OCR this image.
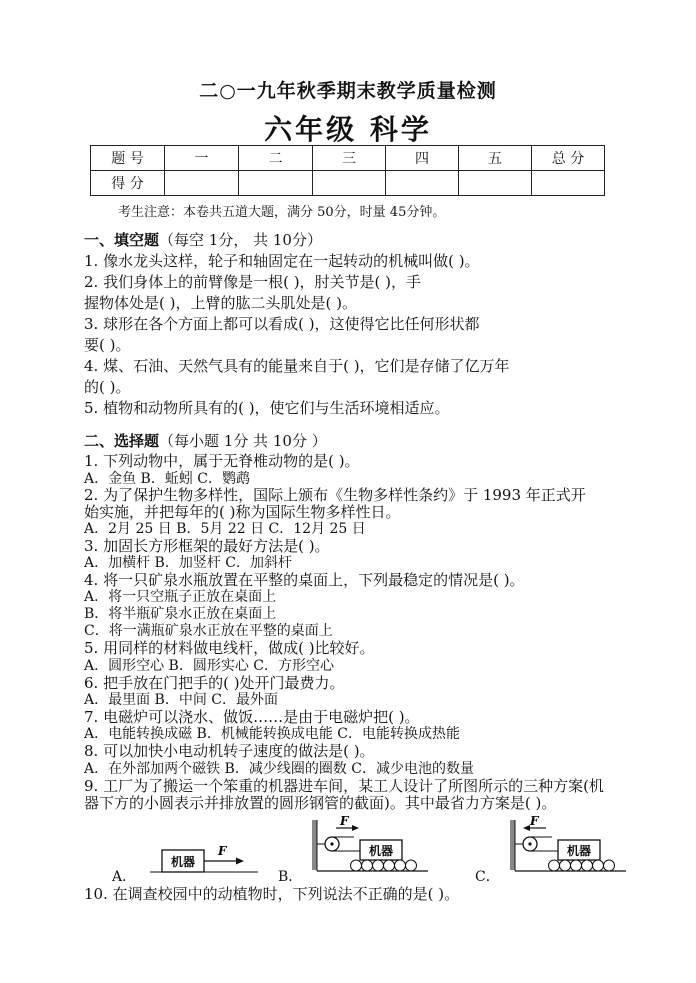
二○一九年秋季期末教学质量检测
六年级 科学
题 号	一	二	三	四	五	总 分
得 分						
考生注意：本卷共五道大题，满分 50分，时量 45分钟。
一、填空题（每空 1分， 共 10分）
1. 像水龙头这样，轮子和轴固定在一起转动的机械叫做( )。
2. 我们身体上的前臂像是一根( )，肘关节是( )，手
握物体处是( )，上臂的肱二头肌处是( )。
3. 球形在各个方面上都可以看成( )，这使得它比任何形状都
要( )。
4. 煤、石油、天然气具有的能量来自于( )，它们是存储了亿万年
的( )。
5. 植物和动物所具有的( )，使它们与生活环境相适应。
二、选择题（每小题 1分 共 10分 ）
1. 下列动物中，属于无脊椎动物的是( )。
A．金鱼 B．蚯蚓 C．鹦鹉
2. 为了保护生物多样性，国际上颁布《生物多样性条约》于 1993 年正式开
始实施，并把每年的( )称为国际生物多样性日。
A．2月 25 日 B．5月 22 日 C．12月 25 日
3. 加固长方形框架的最好方法是( )。
A．加横杆 B．加竖杆 C．加斜杆
4. 将一只矿泉水瓶放置在平整的桌面上，下列最稳定的情况是( )。
A．将一只空瓶子正放在桌面上
B．将半瓶矿泉水正放在桌面上
C．将一满瓶矿泉水正放在平整的桌面上
5. 用同样的材料做电线杆，做成( )比较好。
A．圆形空心 B．圆形实心 C．方形空心
6. 把手放在门把手的( )处开门最费力。
A．最里面 B．中间 C．最外面
7. 电磁炉可以浇水、做饭……是由于电磁炉把( )。
A．电能转换成磁 B．机械能转换成电能 C．电能转换成热能
8. 可以加快小电动机转子速度的做法是( )。
A．在外部加两个磁铁 B．减少线圈的圈数 C．减少电池的数量
9. 工厂为了搬运一个笨重的机器进车间，某工人设计了所图所示的三种方案(机
器下方的小圆表示并排放置的圆形钢管的截面)。其中最省力方案是( )。
A．
机器
F
B．
F
机器
C．
F
机器
10. 在调查校园中的动植物时，下列说法不正确的是( )。
